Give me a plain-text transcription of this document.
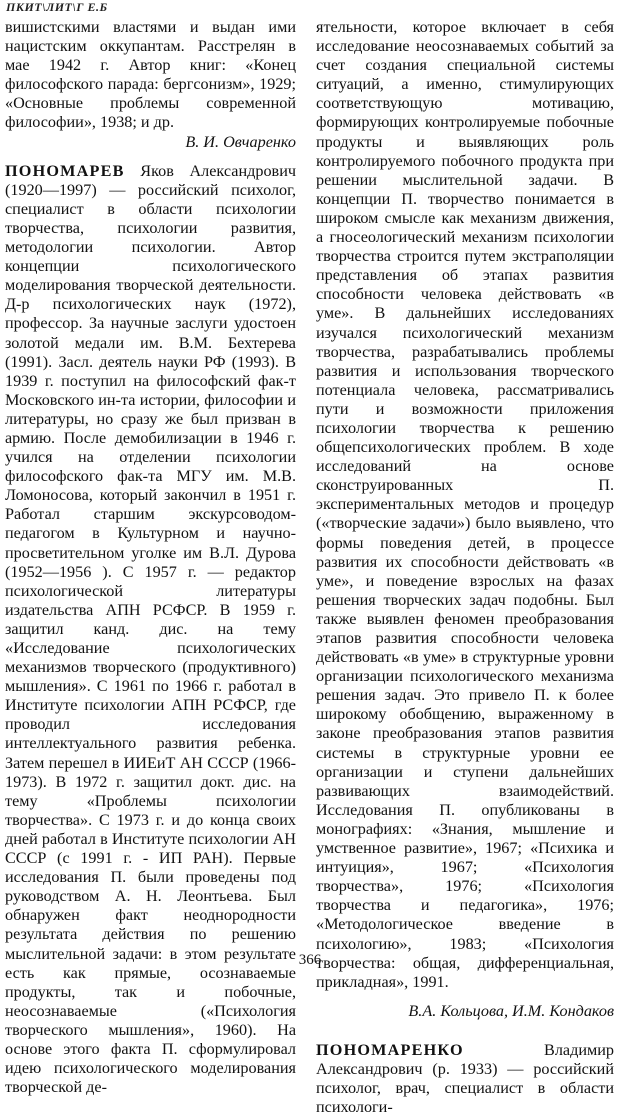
ПКИТ\ЛИТ\Г Е.Б

вишистскими властями и выдан ими нацистским оккупантам. Расстрелян в мае 1942 г. Автор книг: «Конец философского парада: бергсонизм», 1929; «Основные проблемы современной философии», 1938; и др.

В. И. Овчаренко

ПОНОМАРЕВ Яков Александрович (1920—1997) — российский психолог, специалист в области психологии творчества, психологии развития, методологии психологии. Автор концепции психологического моделирования творческой деятельности. Д-р психологических наук (1972), профессор. За научные заслуги удостоен золотой медали им. В.М. Бехтерева (1991). Засл. деятель науки РФ (1993). В 1939 г. поступил на философский фак-т Московского ин-та истории, философии и литературы, но сразу же был призван в армию. После демобилизации в 1946 г. учился на отделении психологии философского фак-та МГУ им. М.В. Ломоносова, который закончил в 1951 г. Работал старшим экскурсоводом-педагогом в Культурном и научно-просветительном уголке им В.Л. Дурова (1952—1956 ). С 1957 г. — редактор психологической литературы издательства АПН РСФСР. В 1959 г. защитил канд. дис. на тему «Исследование психологических механизмов творческого (продуктивного) мышления». С 1961 по 1966 г. работал в Институте психологии АПН РСФСР, где проводил исследования интеллектуального развития ребенка. Затем перешел в ИИЕиТ АН СССР (1966-1973). В 1972 г. защитил докт. дис. на тему «Проблемы психологии творчества». С 1973 г. и до конца своих дней работал в Институте психологии АН СССР (с 1991 г. - ИП РАН). Первые исследования П. были проведены под руководством А. Н. Леонтьева. Был обнаружен факт неоднородности результата действия по решению мыслительной задачи: в этом результате есть как прямые, осознаваемые продукты, так и побочные, неосознаваемые («Психология творческого мышления», 1960). На основе этого факта П. сформулировал идею психологического моделирования творческой де-

ятельности, которое включает в себя исследование неосознаваемых событий за счет создания специальной системы ситуаций, а именно, стимулирующих соответствующую мотивацию, формирующих контролируемые побочные продукты и выявляющих роль контролируемого побочного продукта при решении мыслительной задачи. В концепции П. творчество понимается в широком смысле как механизм движения, а гносеологический механизм психологии творчества строится путем экстраполяции представления об этапах развития способности человека действовать «в уме». В дальнейших исследованиях изучался психологический механизм творчества, разрабатывались проблемы развития и использования творческого потенциала человека, рассматривались пути и возможности приложения психологии творчества к решению общепсихологических проблем. В ходе исследований на основе сконструированных П. экспериментальных методов и процедур («творческие задачи») было выявлено, что формы поведения детей, в процессе развития их способности действовать «в уме», и поведение взрослых на фазах решения творческих задач подобны. Был также выявлен феномен преобразования этапов развития способности человека действовать «в уме» в структурные уровни организации психологического механизма решения задач. Это привело П. к более широкому обобщению, выраженному в законе преобразования этапов развития системы в структурные уровни ее организации и ступени дальнейших развивающих взаимодействий. Исследования П. опубликованы в монографиях: «Знания, мышление и умственное развитие», 1967; «Психика и интуиция», 1967; «Психология творчества», 1976; «Психология творчества и педагогика», 1976; «Методологическое введение в психологию», 1983; «Психология творчества: общая, дифференциальная, прикладная», 1991.

В.А. Кольцова, И.М. Кондаков

ПОНОМАРЕНКО Владимир Александрович (р. 1933) — российский психолог, врач, специалист в области психологи-

366
